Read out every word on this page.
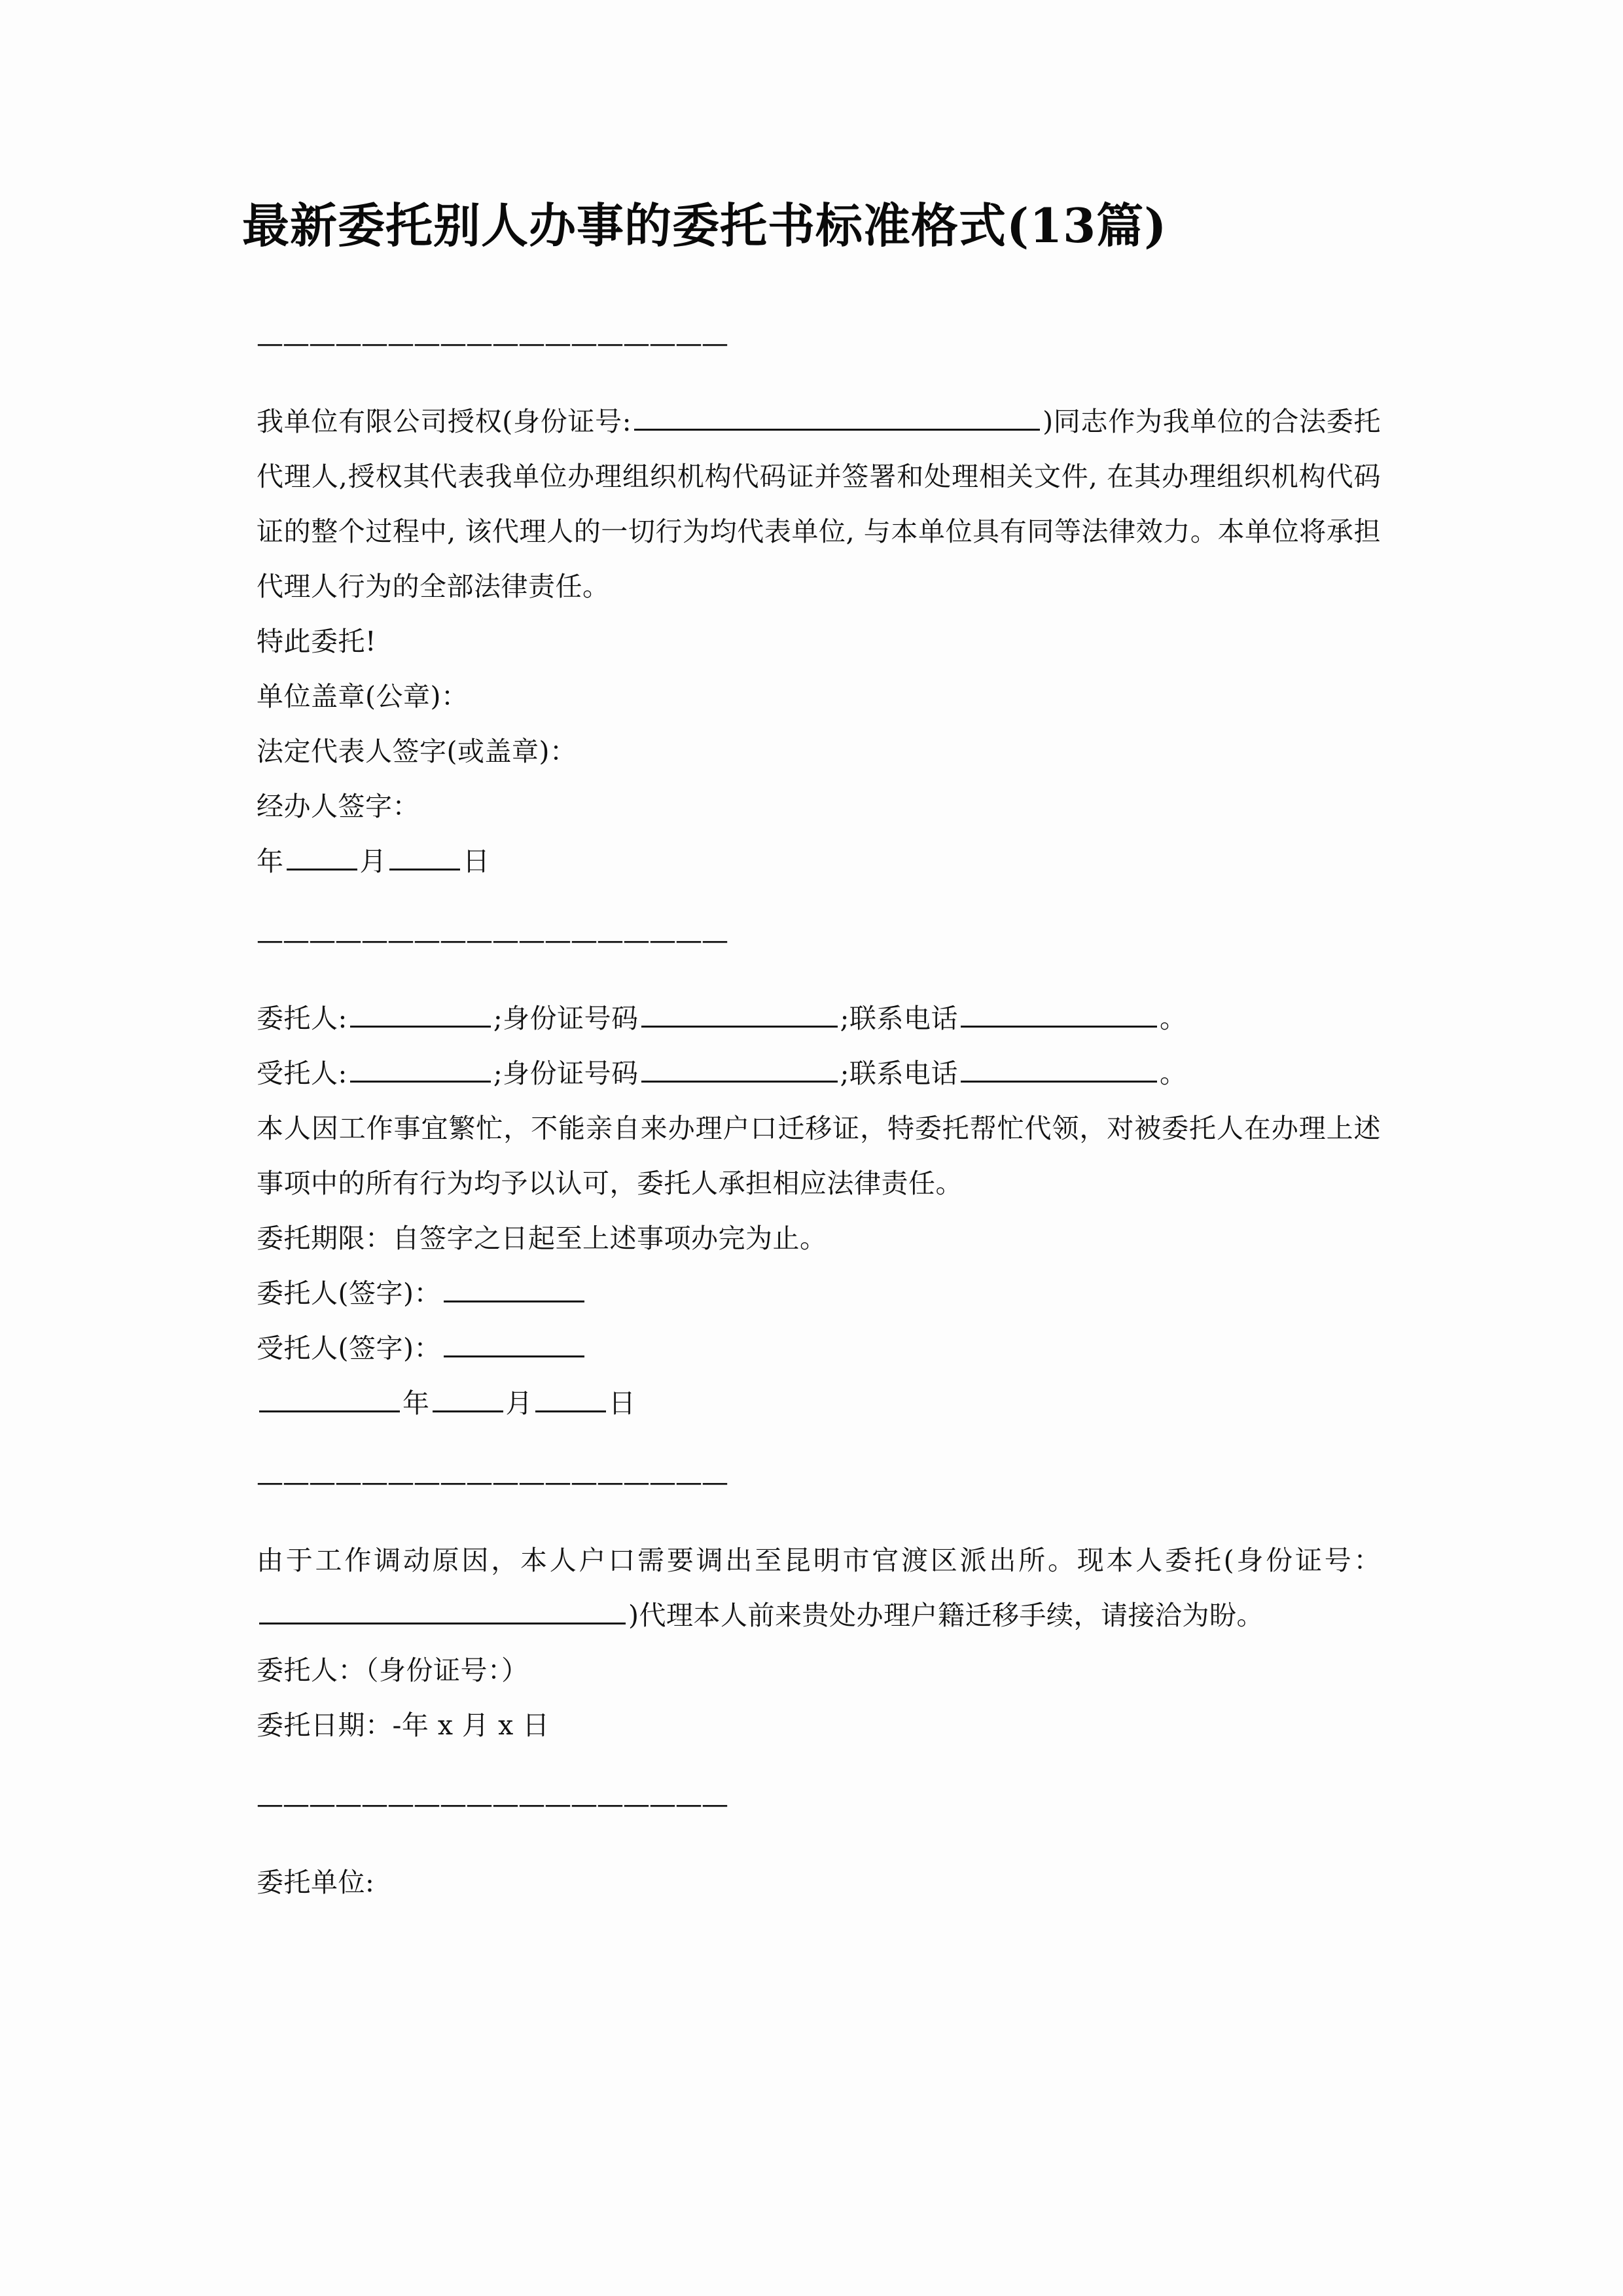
最新委托别人办事的委托书标准格式(13篇)
——————————————————

我单位有限公司授权(身份证号:	)同志作为我单位的合法委托代理人,授权其代表我单位办理组织机构代码证并签署和处理相关文件, 在其办理组织机构代码证的整个过程中, 该代理人的一切行为均代表单位, 与本单位具有同等法律效力。本单位将承担代理人行为的全部法律责任。

特此委托!
单位盖章(公章)：
法定代表人签字(或盖章)：
经办人签字：
年	月	日
——————————————————
委托人:	;身份证号码	;联系电话	。
受托人:	;身份证号码	;联系电话	。

本人因工作事宜繁忙，不能亲自来办理户口迁移证，特委托帮忙代领，对被委托人在办理上述事项中的所有行为均予以认可，委托人承担相应法律责任。

委托期限：自签字之日起至上述事项办完为止。
委托人(签字)：
受托人(签字)：
年	月	日
——————————————————

由于工作调动原因，本人户口需要调出至昆明市官渡区派出所。现本人委托(身份证号：)代理本人前来贵处办理户籍迁移手续，请接洽为盼。

委托人：（身份证号：）
委托日期：-年 x 月 x 日
——————————————————
委托单位:
